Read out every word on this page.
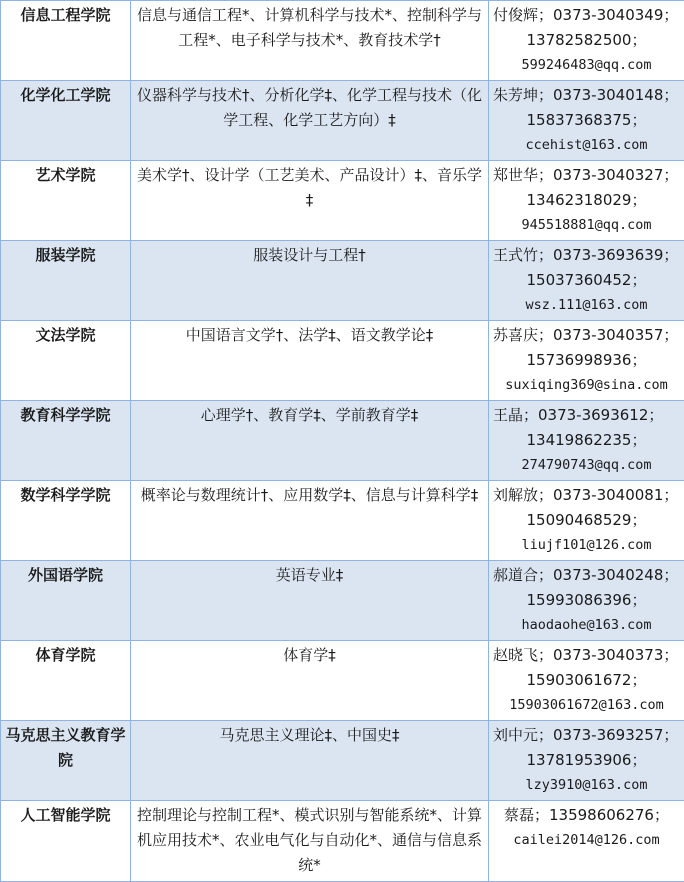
信息工程学院	信息与通信工程*、计算机科学与技术*、控制科学与工程*、电子科学与技术*、教育技术学†	付俊辉；0373-3040349；
13782582500；
599246483@qq.com

化学化工学院	仪器科学与技术†、分析化学‡、化学工程与技术（化学工程、化学工艺方向）‡	朱芳坤；0373-3040148；
15837368375；
ccehist@163.com

艺术学院	美术学†、设计学（工艺美术、产品设计）‡、音乐学‡	郑世华；0373-3040327；
13462318029；
945518881@qq.com

服装学院	服装设计与工程†	王式竹；0373-3693639；
15037360452；
wsz.111@163.com

文法学院	中国语言文学†、法学‡、语文教学论‡	苏喜庆；0373-3040357；
15736998936；
suxiqing369@sina.com

教育科学学院	心理学†、教育学‡、学前教育学‡	王晶；0373-3693612；
13419862235；
274790743@qq.com

数学科学学院	概率论与数理统计†、应用数学‡、信息与计算科学‡	刘解放；0373-3040081；
15090468529；
liujf101@126.com

外国语学院	英语专业‡	郝道合；0373-3040248；
15993086396；
haodaohe@163.com

体育学院	体育学‡	赵晓飞；0373-3040373；
15903061672；
15903061672@163.com

马克思主义教育学院	马克思主义理论‡、中国史‡	刘中元；0373-3693257；
13781953906；
lzy3910@163.com

人工智能学院	控制理论与控制工程*、模式识别与智能系统*、计算机应用技术*、农业电气化与自动化*、通信与信息系统*	蔡磊；13598606276；
cailei2014@126.com
